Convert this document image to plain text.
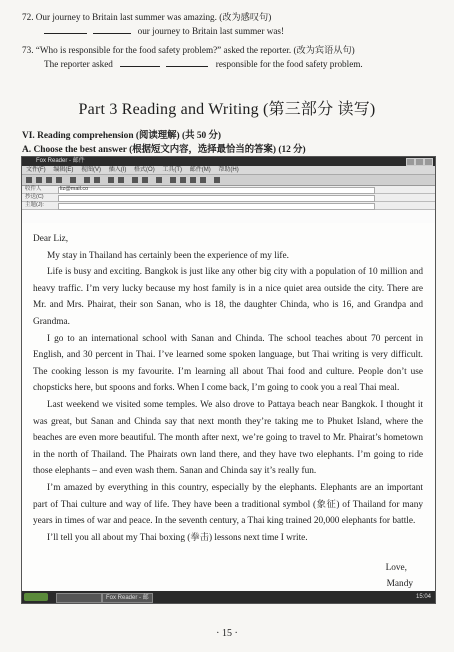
72. Our journey to Britain last summer was amazing. (改为感叹句)
our journey to Britain last summer was!
73. “Who is responsible for the food safety problem?” asked the reporter. (改为宾语从句)
The reporter asked	responsible for the food safety problem.
Part 3 Reading and Writing (第三部分 读写)
VI. Reading comprehension (阅读理解) (共 50 分)
A. Choose the best answer (根据短文内容，选择最恰当的答案) (12 分)
Fox Reader - 邮件
文件(F) 编辑(E) 视图(V) 插入(I) 格式(O) 工具(T) 邮件(M) 帮助(H)
收件人	liz@mail.co
抄送(C)
主题(J):

Dear Liz,

My stay in Thailand has certainly been the experience of my life.

Life is busy and exciting. Bangkok is just like any other big city with a population of 10 million and heavy traffic. I’m very lucky because my host family is in a nice quiet area outside the city. There are Mr. and Mrs. Phairat, their son Sanan, who is 18, the daughter Chinda, who is 16, and Grandpa and Grandma.

I go to an international school with Sanan and Chinda. The school teaches about 70 percent in English, and 30 percent in Thai. I’ve learned some spoken language, but Thai writing is very difficult. The cooking lesson is my favourite. I’m learning all about Thai food and culture. People don’t use chopsticks here, but spoons and forks. When I come back, I’m going to cook you a real Thai meal.

Last weekend we visited some temples. We also drove to Pattaya beach near Bangkok. I thought it was great, but Sanan and Chinda say that next month they’re taking me to Phuket Island, where the beaches are even more beautiful. The month after next, we’re going to travel to Mr. Phairat’s hometown in the north of Thailand. The Phairats own land there, and they have two elephants. I’m going to ride those elephants – and even wash them. Sanan and Chinda say it’s really fun.

I’m amazed by everything in this country, especially by the elephants. Elephants are an important part of Thai culture and way of life. They have been a traditional symbol (象征) of Thailand for many years in times of war and peace. In the seventh century, a Thai king trained 20,000 elephants for battle.

I’ll tell you all about my Thai boxing (拳击) lessons next time I write.

Love,
Mandy
Fox Reader - 邮	15:04
· 15 ·
